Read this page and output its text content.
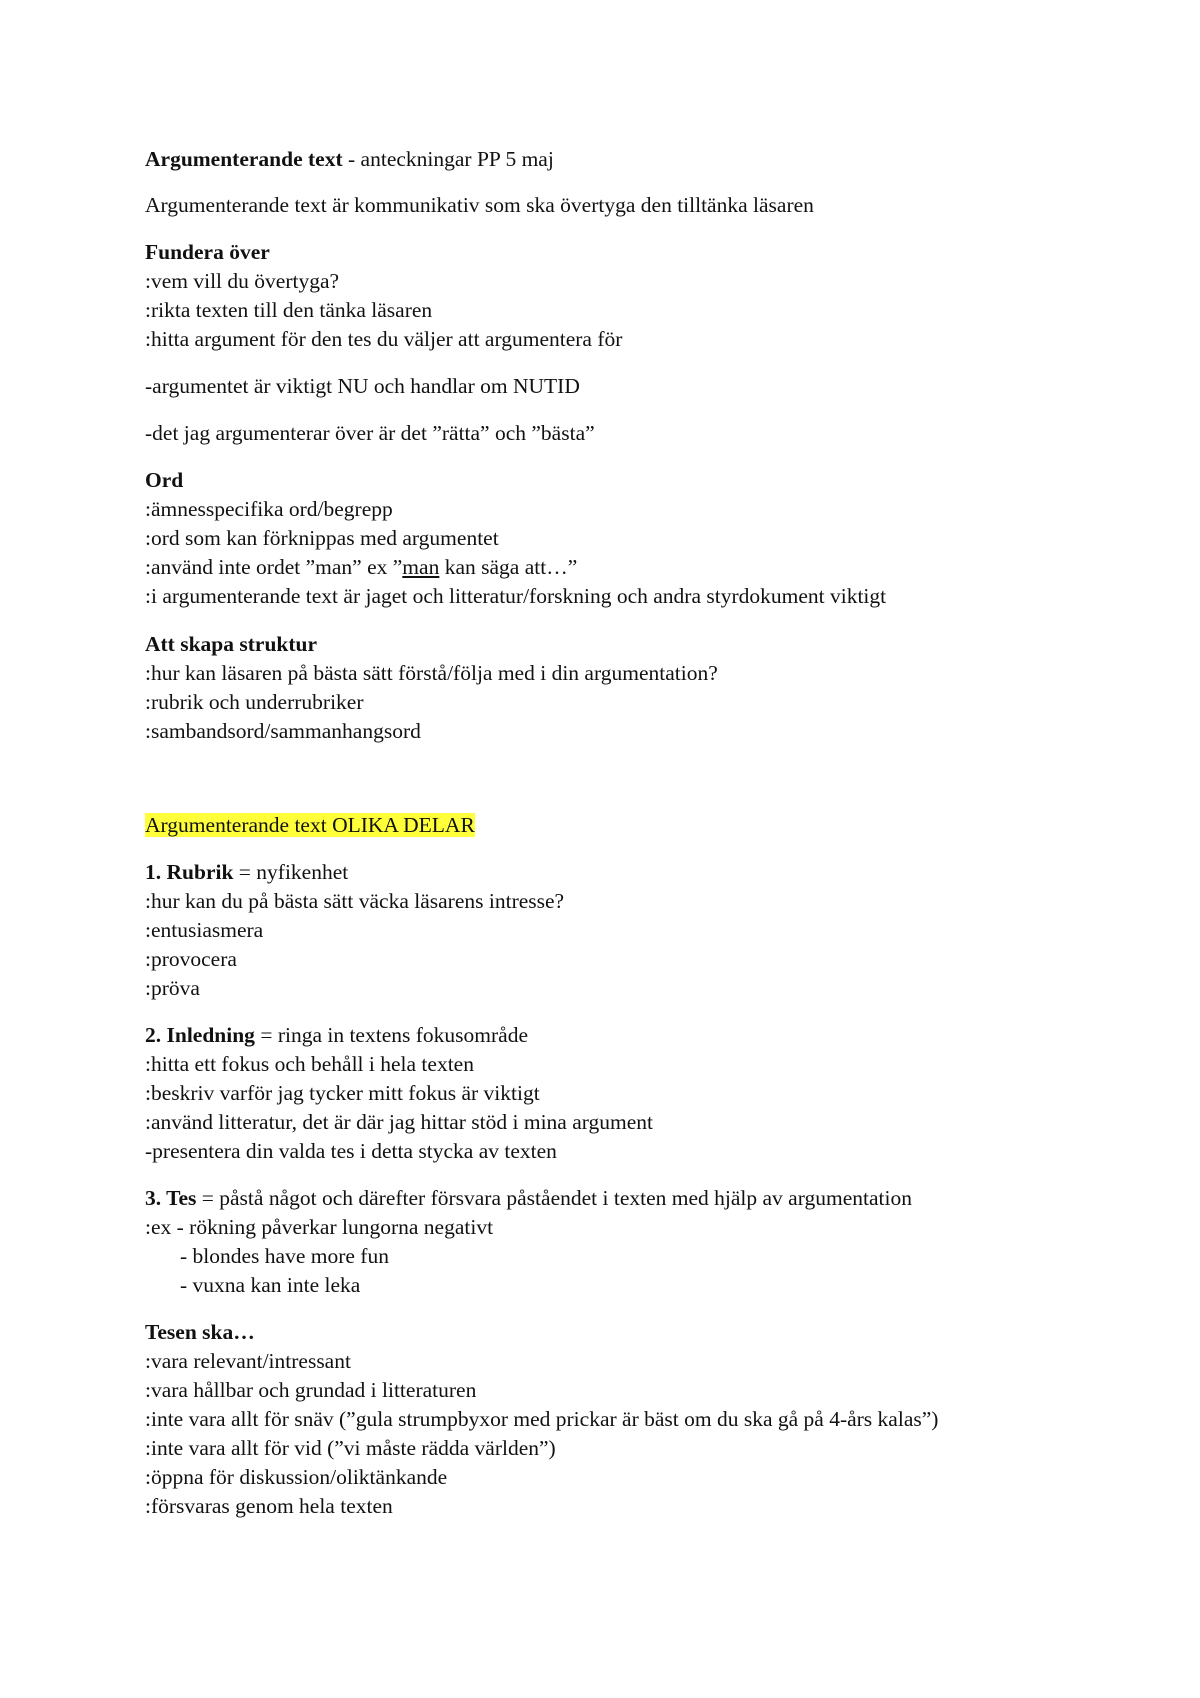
Argumenterande text - anteckningar PP 5 maj
Argumenterande text är kommunikativ som ska övertyga den tilltänka läsaren
Fundera över
:vem vill du övertyga?
:rikta texten till den tänka läsaren
:hitta argument för den tes du väljer att argumentera för
-argumentet är viktigt NU och handlar om NUTID
-det jag argumenterar över är det ”rätta” och ”bästa”
Ord
:ämnesspecifika ord/begrepp
:ord som kan förknippas med argumentet
:använd inte ordet ”man” ex ”man kan säga att…”
:i argumenterande text är jaget och litteratur/forskning och andra styrdokument viktigt
Att skapa struktur
:hur kan läsaren på bästa sätt förstå/följa med i din argumentation?
:rubrik och underrubriker
:sambandsord/sammanhangsord
Argumenterande text OLIKA DELAR
1. Rubrik = nyfikenhet
:hur kan du på bästa sätt väcka läsarens intresse?
:entusiasmera
:provocera
:pröva
2. Inledning = ringa in textens fokusområde
:hitta ett fokus och behåll i hela texten
:beskriv varför jag tycker mitt fokus är viktigt
:använd litteratur, det är där jag hittar stöd i mina argument
-presentera din valda tes i detta stycka av texten
3. Tes = påstå något och därefter försvara påståendet i texten med hjälp av argumentation
:ex - rökning påverkar lungorna negativt
- blondes have more fun
- vuxna kan inte leka
Tesen ska…
:vara relevant/intressant
:vara hållbar och grundad i litteraturen
:inte vara allt för snäv (”gula strumpbyxor med prickar är bäst om du ska gå på 4-års kalas”)
:inte vara allt för vid (”vi måste rädda världen”)
:öppna för diskussion/oliktänkande
:försvaras genom hela texten
